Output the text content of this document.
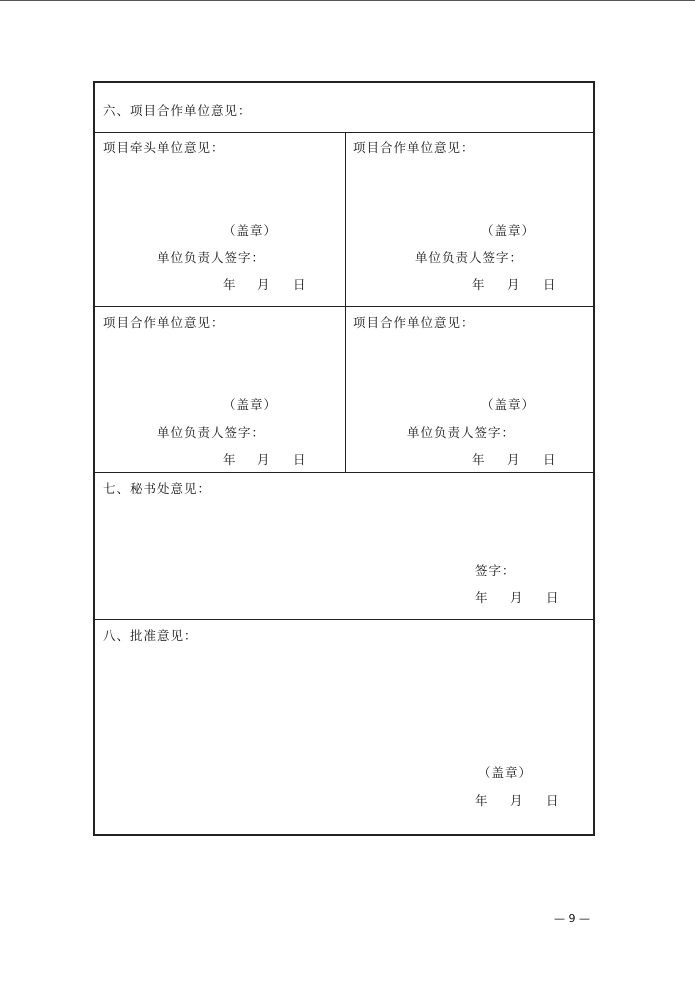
六、项目合作单位意见：
项目牵头单位意见：
（盖章）
单位负责人签字：
年 月 日
项目合作单位意见：
（盖章）
单位负责人签字：
年 月 日
项目合作单位意见：
（盖章）
单位负责人签字：
年 月 日
项目合作单位意见：
（盖章）
单位负责人签字：
年 月 日
七、秘书处意见：
签字：
年 月 日
八、批准意见：
（盖章）
年 月 日
— 9 —
